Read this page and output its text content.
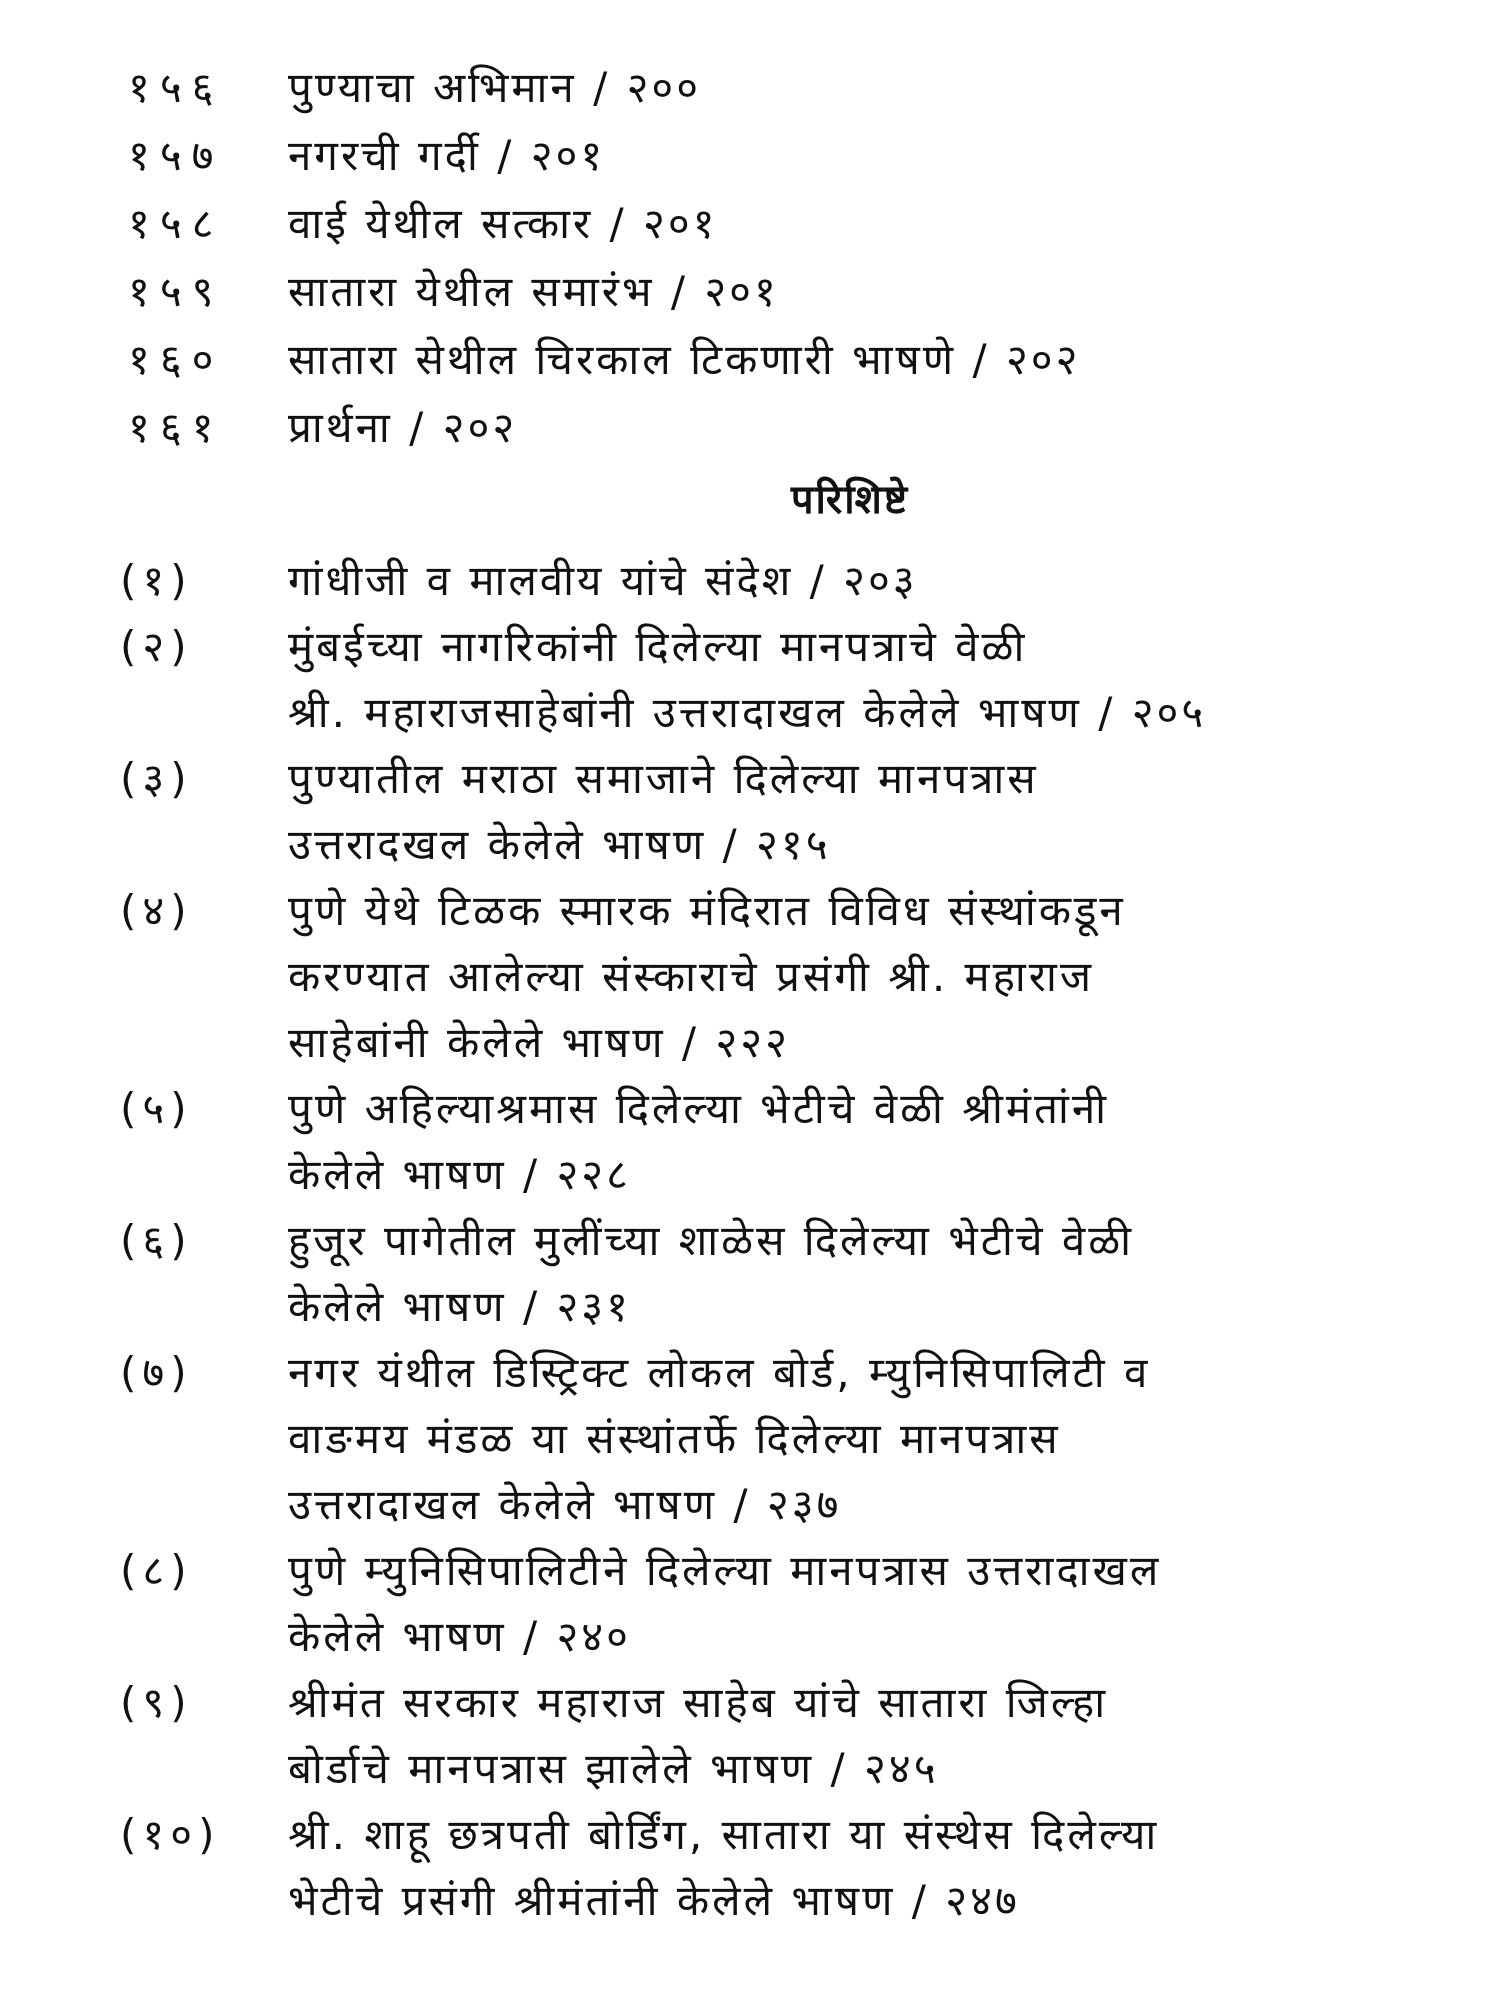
१५६	पुण्याचा अभिमान / २००
१५७	नगरची गर्दी / २०१
१५८	वाई येथील सत्कार / २०१
१५९	सातारा येथील समारंभ / २०१
१६०	सातारा सेथील चिरकाल टिकणारी भाषणे / २०२
१६१	प्रार्थना / २०२
परिशिष्टे
(१)	गांधीजी व मालवीय यांचे संदेश / २०३
(२)	मुंबईच्या नागरिकांनी दिलेल्या मानपत्राचे वेळी
श्री. महाराजसाहेबांनी उत्तरादाखल केलेले भाषण / २०५
(३)	पुण्यातील मराठा समाजाने दिलेल्या मानपत्रास
उत्तरादखल केलेले भाषण / २१५
(४)	पुणे येथे टिळक स्मारक मंदिरात विविध संस्थांकडून
करण्यात आलेल्या संस्काराचे प्रसंगी श्री. महाराज
साहेबांनी केलेले भाषण / २२२
(५)	पुणे अहिल्याश्रमास दिलेल्या भेटीचे वेळी श्रीमंतांनी
केलेले भाषण / २२८
(६)	हुजूर पागेतील मुलींच्या शाळेस दिलेल्या भेटीचे वेळी
केलेले भाषण / २३१
(७)	नगर यंथील डिस्ट्रिक्ट लोकल बोर्ड, म्युनिसिपालिटी व
वाङमय मंडळ या संस्थांतर्फे दिलेल्या मानपत्रास
उत्तरादाखल केलेले भाषण / २३७
(८)	पुणे म्युनिसिपालिटीने दिलेल्या मानपत्रास उत्तरादाखल
केलेले भाषण / २४०
(९)	श्रीमंत सरकार महाराज साहेब यांचे सातारा जिल्हा
बोर्डाचे मानपत्रास झालेले भाषण / २४५
(१०)	श्री. शाहू छत्रपती बोर्डिंग, सातारा या संस्थेस दिलेल्या
भेटीचे प्रसंगी श्रीमंतांनी केलेले भाषण / २४७
